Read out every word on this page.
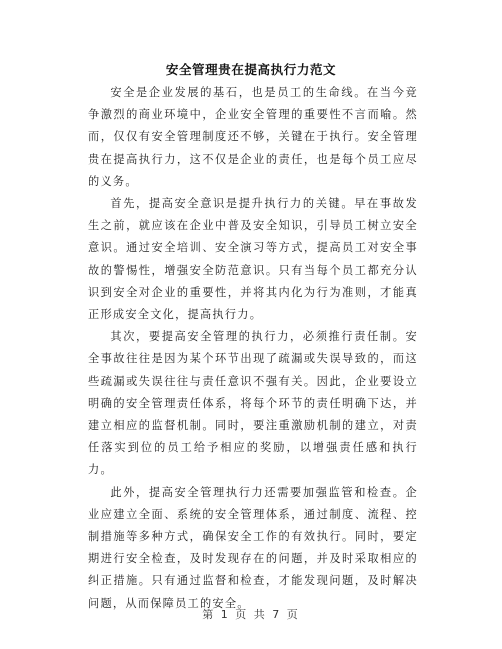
安全管理贵在提高执行力范文

安全是企业发展的基石，也是员工的生命线。在当今竞争激烈的商业环境中，企业安全管理的重要性不言而喻。然而，仅仅有安全管理制度还不够，关键在于执行。安全管理贵在提高执行力，这不仅是企业的责任，也是每个员工应尽的义务。

首先，提高安全意识是提升执行力的关键。早在事故发生之前，就应该在企业中普及安全知识，引导员工树立安全意识。通过安全培训、安全演习等方式，提高员工对安全事故的警惕性，增强安全防范意识。只有当每个员工都充分认识到安全对企业的重要性，并将其内化为行为准则，才能真正形成安全文化，提高执行力。

其次，要提高安全管理的执行力，必须推行责任制。安全事故往往是因为某个环节出现了疏漏或失误导致的，而这些疏漏或失误往往与责任意识不强有关。因此，企业要设立明确的安全管理责任体系，将每个环节的责任明确下达，并建立相应的监督机制。同时，要注重激励机制的建立，对责任落实到位的员工给予相应的奖励，以增强责任感和执行力。

此外，提高安全管理执行力还需要加强监管和检查。企业应建立全面、系统的安全管理体系，通过制度、流程、控制措施等多种方式，确保安全工作的有效执行。同时，要定期进行安全检查，及时发现存在的问题，并及时采取相应的纠正措施。只有通过监督和检查，才能发现问题，及时解决问题，从而保障员工的安全。

第 1 页 共 7 页
